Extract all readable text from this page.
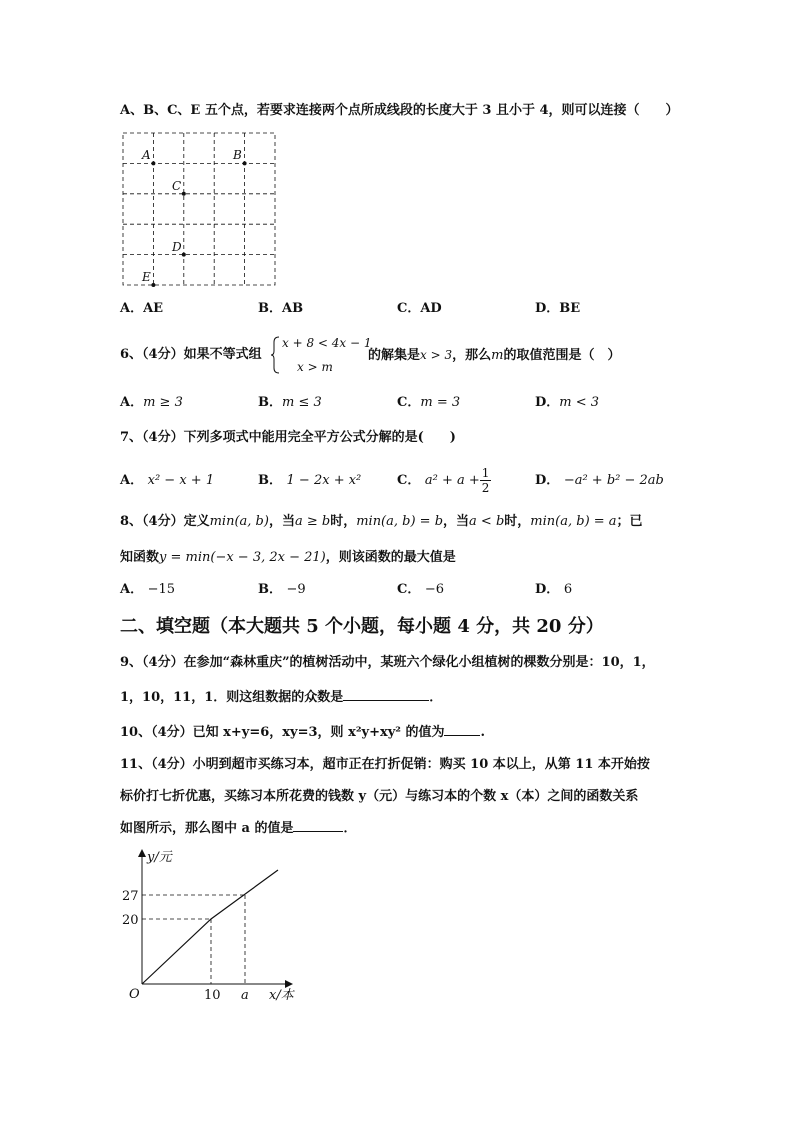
A、B、C、E 五个点，若要求连接两个点所成线段的长度大于 3 且小于 4，则可以连接（　　）
A	B
C
D
E
A．AE	B．AB	C．AD	D．BE
6、（4分）如果不等式组
x + 8 < 4x − 1
x > m
的解集是x > 3，那么m的取值范围是（　）
A．m ≥ 3	B．m ≤ 3	C．m = 3	D．m < 3
7、（4分）下列多项式中能用完全平方公式分解的是(　　)
A． x² − x + 1	B． 1 − 2x + x²	C． $a^2 + a + \frac{1}{2}$	D． −a² + b² − 2ab
8、（4分）定义min(a, b)，当a ≥ b时，min(a, b) = b，当a < b时，min(a, b) = a；已
知函数y = min(−x − 3, 2x − 21)，则该函数的最大值是
A． −15	B． −9	C． −6	D． 6
二、填空题（本大题共 5 个小题，每小题 4 分，共 20 分）
9、（4分）在参加“森林重庆”的植树活动中，某班六个绿化小组植树的棵数分别是：10，1，
1，10，11，1．则这组数据的众数是	．
10、（4分）已知 x+y=6，xy=3，则 x²y+xy² 的值为	.
11、（4分）小明到超市买练习本，超市正在打折促销：购买 10 本以上，从第 11 本开始按
标价打七折优惠，买练习本所花费的钱数 y（元）与练习本的个数 x（本）之间的函数关系
如图所示，那么图中 a 的值是	．
y/元
27
20
O	10 a x/本
